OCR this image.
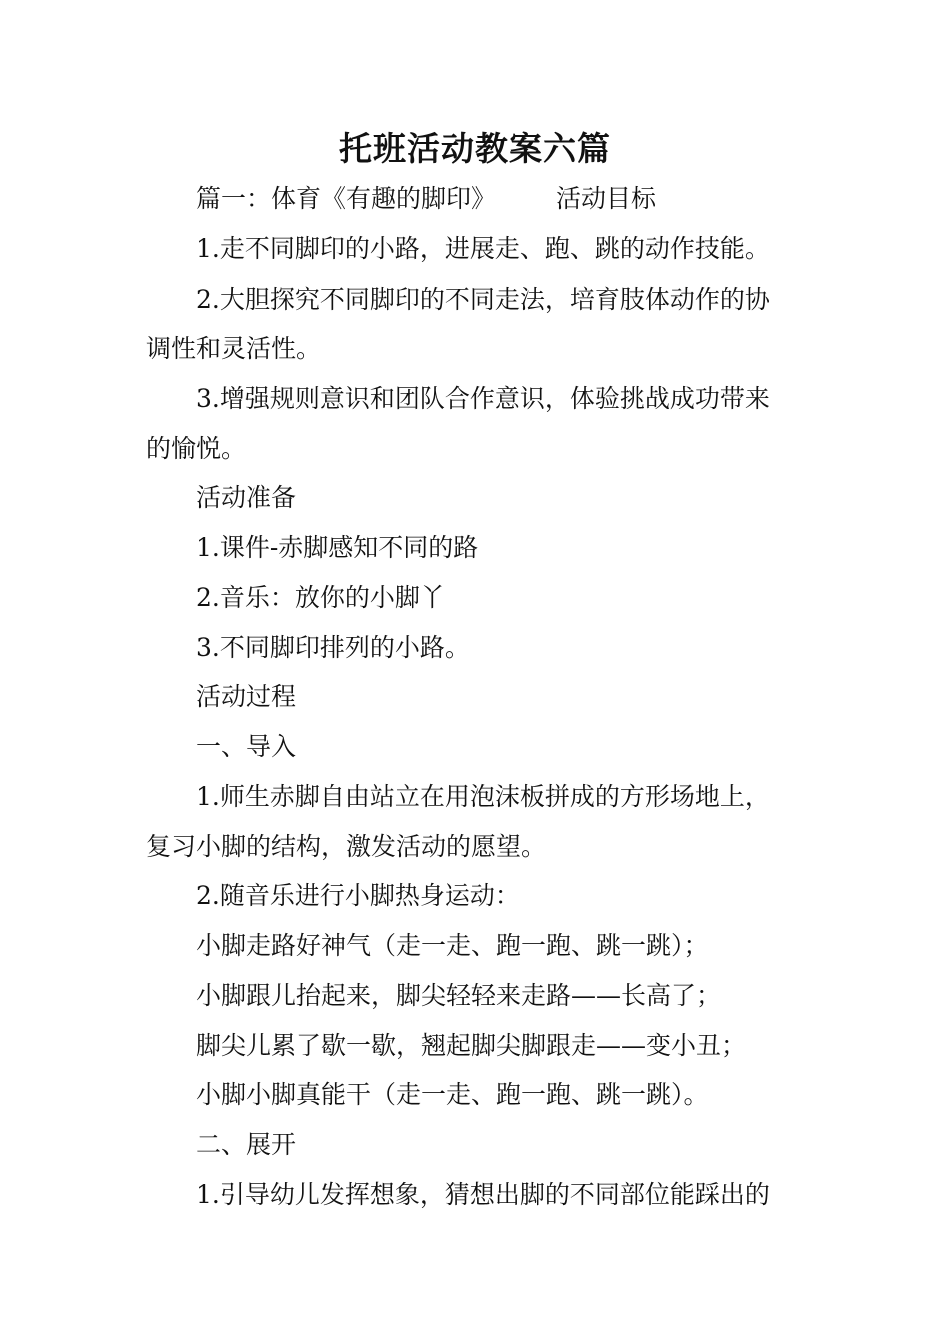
托班活动教案六篇
篇一：体育《有趣的脚印》 活动目标
1.走不同脚印的小路，进展走、跑、跳的动作技能。
2.大胆探究不同脚印的不同走法，培育肢体动作的协
调性和灵活性。
3.增强规则意识和团队合作意识，体验挑战成功带来
的愉悦。
活动准备
1.课件-赤脚感知不同的路
2.音乐：放你的小脚丫
3.不同脚印排列的小路。
活动过程
一、导入
1.师生赤脚自由站立在用泡沫板拼成的方形场地上，
复习小脚的结构，激发活动的愿望。
2.随音乐进行小脚热身运动：
小脚走路好神气（走一走、跑一跑、跳一跳）；
小脚跟儿抬起来，脚尖轻轻来走路——长高了；
脚尖儿累了歇一歇，翘起脚尖脚跟走——变小丑；
小脚小脚真能干（走一走、跑一跑、跳一跳）。
二、展开
1.引导幼儿发挥想象，猜想出脚的不同部位能踩出的
